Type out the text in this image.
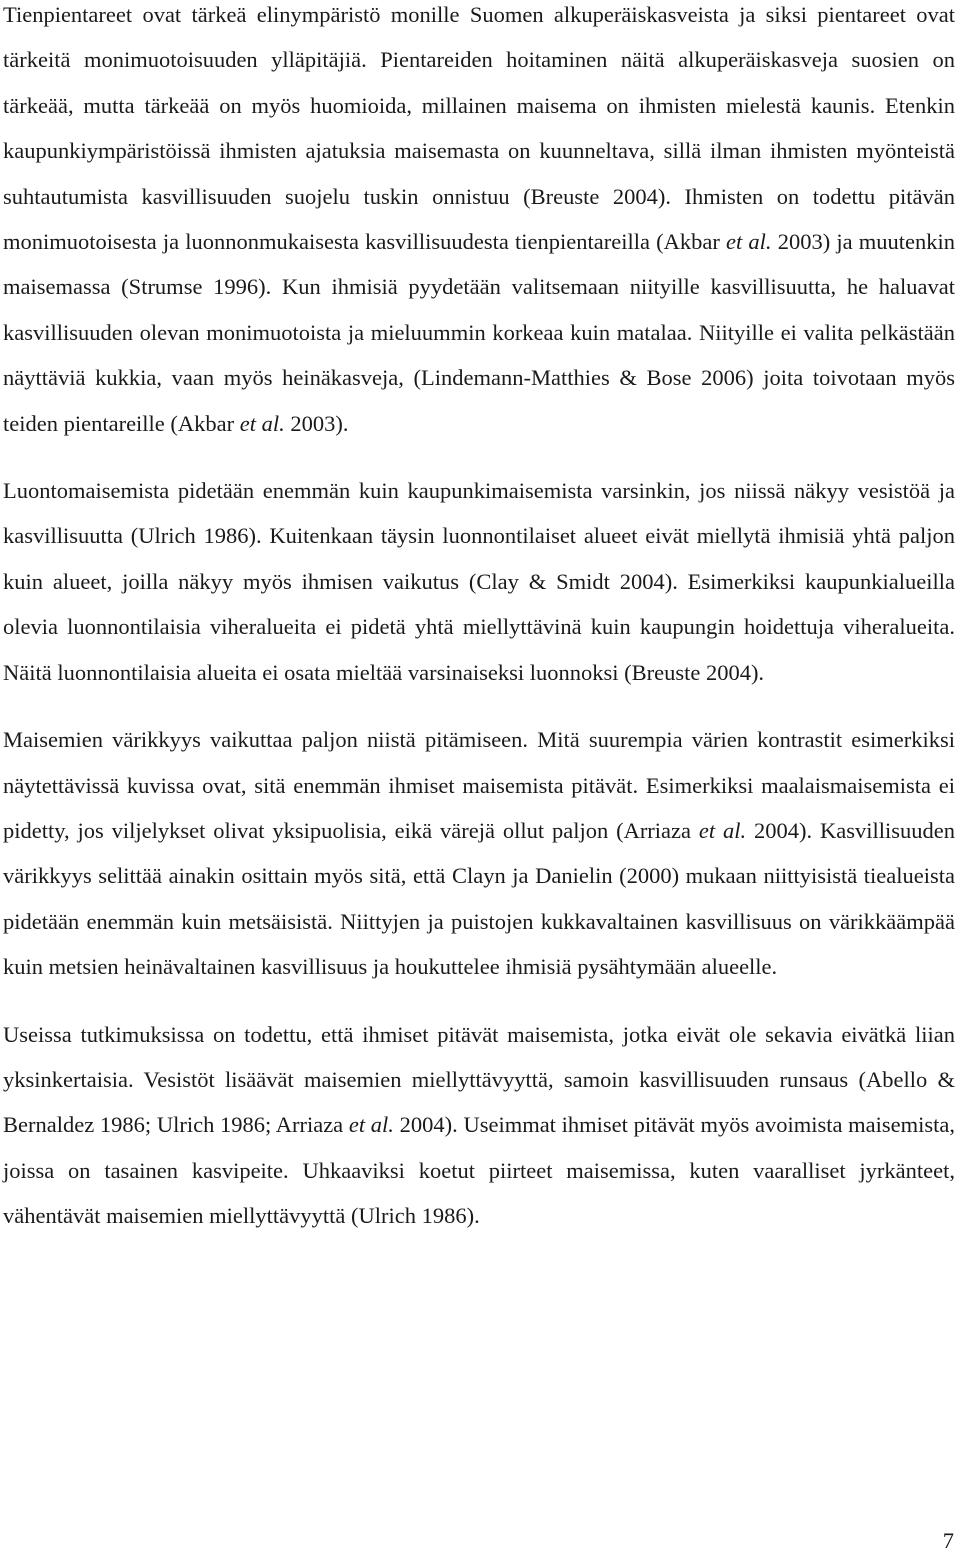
Tienpientareet ovat tärkeä elinympäristö monille Suomen alkuperäiskasveista ja siksi pientareet ovat tärkeitä monimuotoisuuden ylläpitäjiä. Pientareiden hoitaminen näitä alkuperäiskasveja suosien on tärkeää, mutta tärkeää on myös huomioida, millainen maisema on ihmisten mielestä kaunis. Etenkin kaupunkiympäristöissä ihmisten ajatuksia maisemasta on kuunneltava, sillä ilman ihmisten myönteistä suhtautumista kasvillisuuden suojelu tuskin onnistuu (Breuste 2004). Ihmisten on todettu pitävän monimuotoisesta ja luonnonmukaisesta kasvillisuudesta tienpientareilla (Akbar et al. 2003) ja muutenkin maisemassa (Strumse 1996). Kun ihmisiä pyydetään valitsemaan niityille kasvillisuutta, he haluavat kasvillisuuden olevan monimuotoista ja mieluummin korkeaa kuin matalaa. Niityille ei valita pelkästään näyttäviä kukkia, vaan myös heinäkasveja, (Lindemann-Matthies & Bose 2006) joita toivotaan myös teiden pientareille (Akbar et al. 2003).

Luontomaisemista pidetään enemmän kuin kaupunkimaisemista varsinkin, jos niissä näkyy vesistöä ja kasvillisuutta (Ulrich 1986). Kuitenkaan täysin luonnontilaiset alueet eivät miellytä ihmisiä yhtä paljon kuin alueet, joilla näkyy myös ihmisen vaikutus (Clay & Smidt 2004). Esimerkiksi kaupunkialueilla olevia luonnontilaisia viheralueita ei pidetä yhtä miellyttävinä kuin kaupungin hoidettuja viheralueita. Näitä luonnontilaisia alueita ei osata mieltää varsinaiseksi luonnoksi (Breuste 2004).

Maisemien värikkyys vaikuttaa paljon niistä pitämiseen. Mitä suurempia värien kontrastit esimerkiksi näytettävissä kuvissa ovat, sitä enemmän ihmiset maisemista pitävät. Esimerkiksi maalaismaisemista ei pidetty, jos viljelykset olivat yksipuolisia, eikä värejä ollut paljon (Arriaza et al. 2004). Kasvillisuuden värikkyys selittää ainakin osittain myös sitä, että Clayn ja Danielin (2000) mukaan niittyisistä tiealueista pidetään enemmän kuin metsäisistä. Niittyjen ja puistojen kukkavaltainen kasvillisuus on värikkäämpää kuin metsien heinävaltainen kasvillisuus ja houkuttelee ihmisiä pysähtymään alueelle.

Useissa tutkimuksissa on todettu, että ihmiset pitävät maisemista, jotka eivät ole sekavia eivätkä liian yksinkertaisia. Vesistöt lisäävät maisemien miellyttävyyttä, samoin kasvillisuuden runsaus (Abello & Bernaldez 1986; Ulrich 1986; Arriaza et al. 2004). Useimmat ihmiset pitävät myös avoimista maisemista, joissa on tasainen kasvipeite. Uhkaaviksi koetut piirteet maisemissa, kuten vaaralliset jyrkänteet, vähentävät maisemien miellyttävyyttä (Ulrich 1986).

7
